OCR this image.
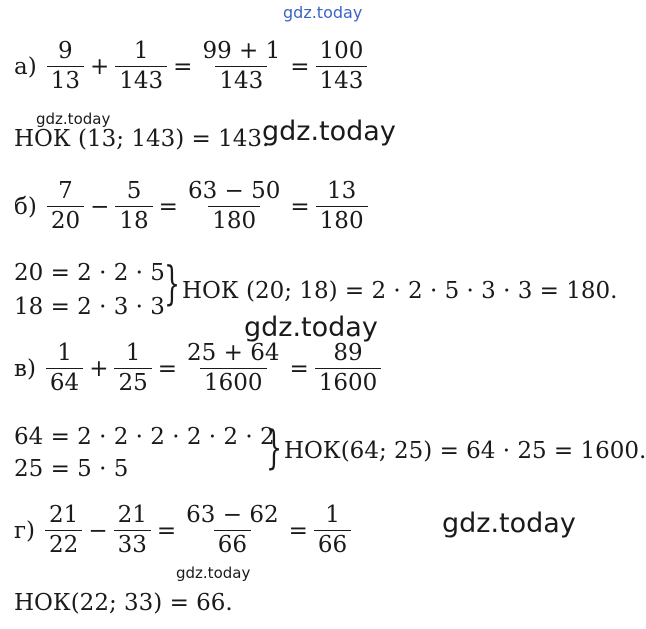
gdz.today
$а) \frac{9}{13} + \frac{1}{143} = \frac{99 + 1}{143} = \frac{100}{143}$
gdz.today
НОК (13; 143) = 143.
gdz.today
$б) \frac{7}{20} - \frac{5}{18} = \frac{63 - 50}{180} = \frac{13}{180}$
20 = 2 · 2 · 5
18 = 2 · 3 · 3 } НОК (20; 18) = 2 · 2 · 5 · 3 · 3 = 180.
gdz.today
$в) \frac{1}{64} + \frac{1}{25} = \frac{25 + 64}{1600} = \frac{89}{1600}$
64 = 2 · 2 · 2 · 2 · 2 · 2
25 = 5 · 5	} НОК(64; 25) = 64 · 25 = 1600.
$г) \frac{21}{22} - \frac{21}{33} = \frac{63 - 62}{66} = \frac{1}{66}$	gdz.today
gdz.today
НОК(22; 33) = 66.
